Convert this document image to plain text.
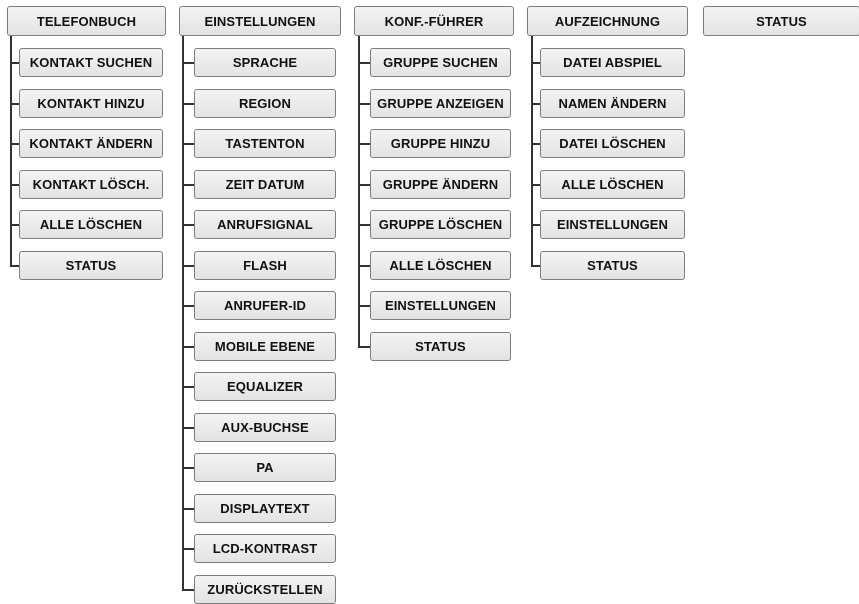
TELEFONBUCH
KONTAKT SUCHEN
KONTAKT HINZU
KONTAKT ÄNDERN
KONTAKT LÖSCH.
ALLE LÖSCHEN
STATUS
EINSTELLUNGEN
SPRACHE
REGION
TASTENTON
ZEIT DATUM
ANRUFSIGNAL
FLASH
ANRUFER-ID
MOBILE EBENE
EQUALIZER
AUX-BUCHSE
PA
DISPLAYTEXT
LCD-KONTRAST
ZURÜCKSTELLEN
KONF.-FÜHRER
GRUPPE SUCHEN
GRUPPE ANZEIGEN
GRUPPE HINZU
GRUPPE ÄNDERN
GRUPPE LÖSCHEN
ALLE LÖSCHEN
EINSTELLUNGEN
STATUS
AUFZEICHNUNG
DATEI ABSPIEL
NAMEN ÄNDERN
DATEI LÖSCHEN
ALLE LÖSCHEN
EINSTELLUNGEN
STATUS
STATUS
